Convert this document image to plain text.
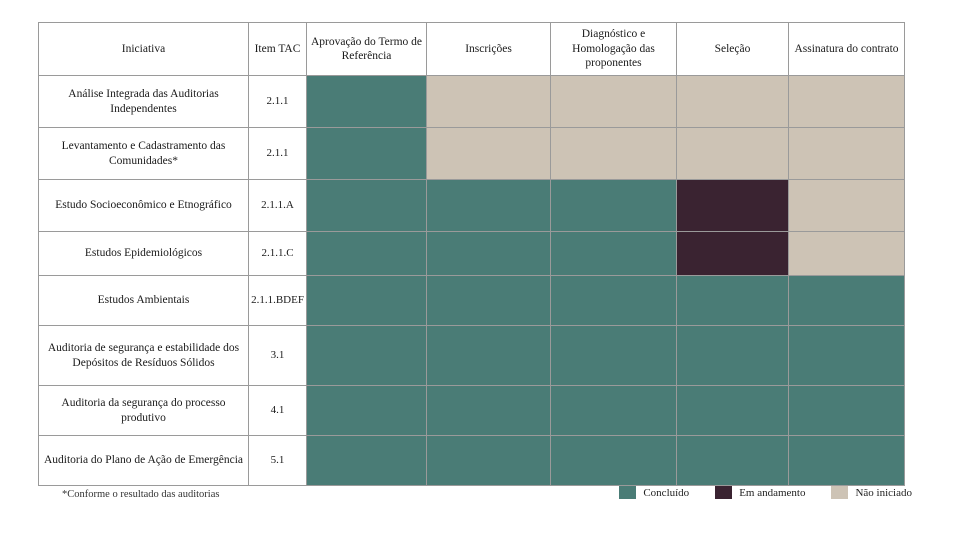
Iniciativa	Item TAC	Aprovação do Termo de Referência	Inscrições	Diagnóstico e Homologação das proponentes	Seleção	Assinatura do contrato
Análise Integrada das Auditorias Independentes	2.1.1					
Levantamento e Cadastramento das Comunidades*	2.1.1					
Estudo Socioeconômico e Etnográfico	2.1.1.A					
Estudos Epidemiológicos	2.1.1.C					
Estudos Ambientais	2.1.1.BDEF					
Auditoria de segurança e estabilidade dos Depósitos de Resíduos Sólidos	3.1					
Auditoria da segurança do processo produtivo	4.1					
Auditoria do Plano de Ação de Emergência	5.1					
*Conforme o resultado das auditorias	Concluído	Em andamento	Não iniciado
